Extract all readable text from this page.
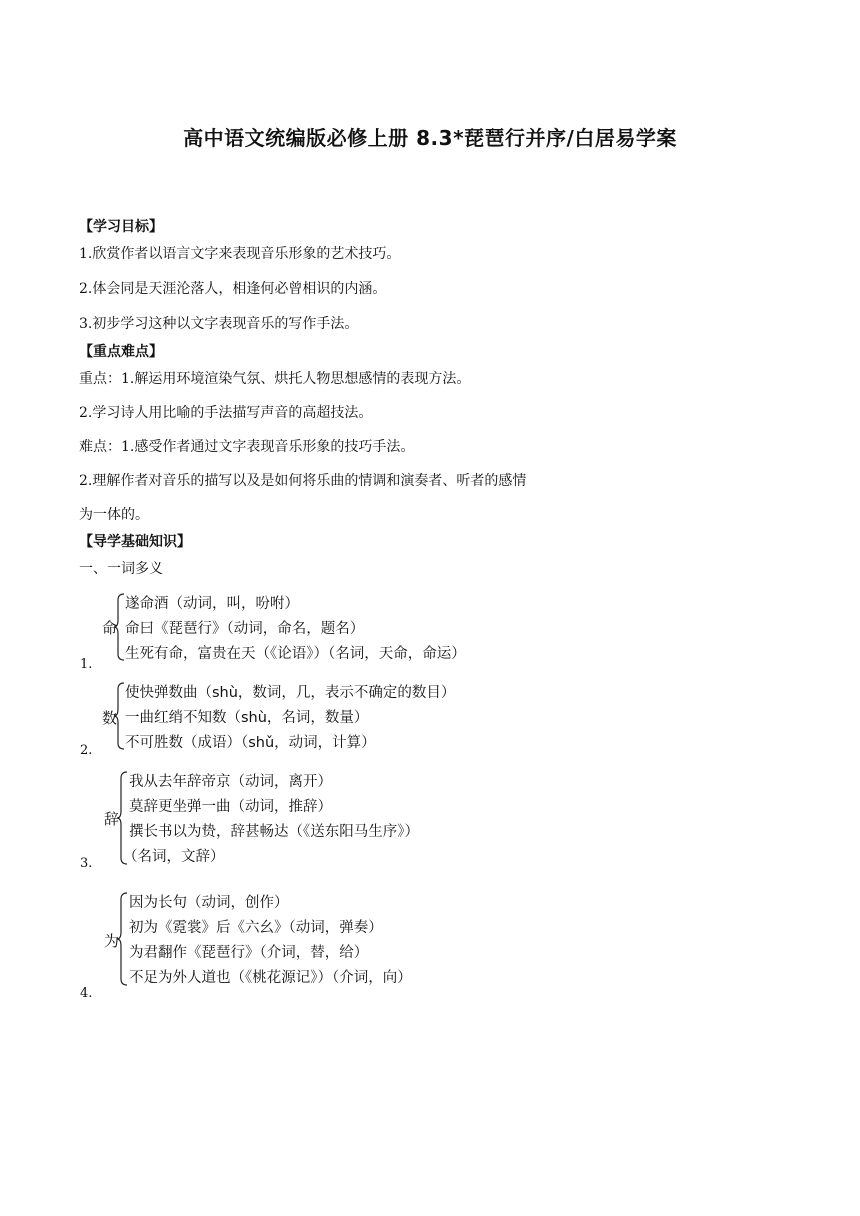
高中语文统编版必修上册 8.3*琵琶行并序/白居易学案
【学习目标】
1.欣赏作者以语言文字来表现音乐形象的艺术技巧。
2.体会同是天涯沦落人，相逢何必曾相识的内涵。
3.初步学习这种以文字表现音乐的写作手法。
【重点难点】
重点：1.解运用环境渲染气氛、烘托人物思想感情的表现方法。
2.学习诗人用比喻的手法描写声音的高超技法。
难点：1.感受作者通过文字表现音乐形象的技巧手法。
2.理解作者对音乐的描写以及是如何将乐曲的情调和演奏者、听者的感情
为一体的。
【导学基础知识】
一、一词多义
1.
命
遂命酒（动词，叫，吩咐）
命曰《琵琶行》（动词，命名，题名）
生死有命，富贵在天（《论语》）（名词，天命，命运）
2.
数
使快弹数曲（shù，数词，几，表示不确定的数目）
一曲红绡不知数（shù，名词，数量）
不可胜数（成语）（shǔ，动词，计算）
3.
辞
我从去年辞帝京（动词，离开）
莫辞更坐弹一曲（动词，推辞）
撰长书以为贽，辞甚畅达（《送东阳马生序》）
（名词，文辞）
4.
为
因为长句（动词，创作）
初为《霓裳》后《六幺》（动词，弹奏）
为君翻作《琵琶行》（介词，替，给）
不足为外人道也（《桃花源记》）（介词，向）
